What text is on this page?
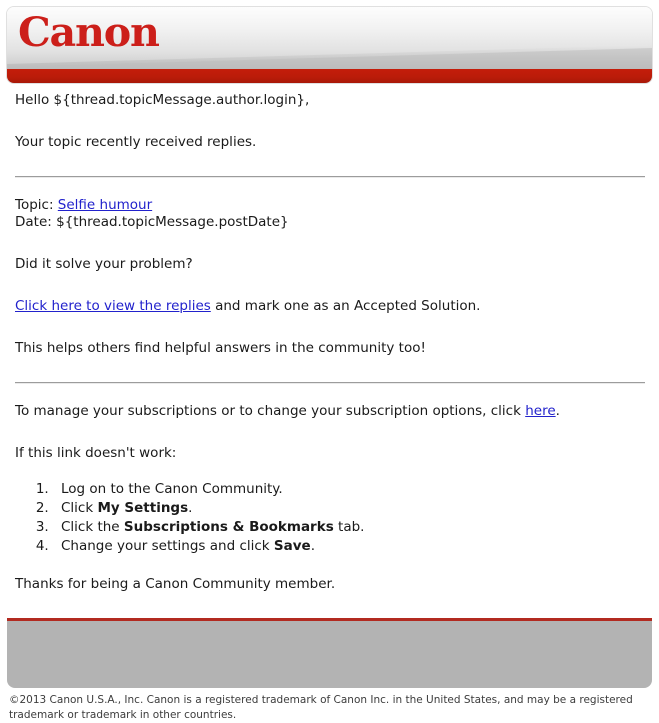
Canon

Hello ${thread.topicMessage.author.login},

Your topic recently received replies.

Topic: Selfie humour

Date: ${thread.topicMessage.postDate}

Did it solve your problem?

Click here to view the replies and mark one as an Accepted Solution.

This helps others find helpful answers in the community too!

To manage your subscriptions or to change your subscription options, click here.

If this link doesn't work:

1. Log on to the Canon Community.
2. Click My Settings.
3. Click the Subscriptions & Bookmarks tab.
4. Change your settings and click Save.

Thanks for being a Canon Community member.

©2013 Canon U.S.A., Inc. Canon is a registered trademark of Canon Inc. in the United States, and may be a registered trademark or trademark in other countries.
